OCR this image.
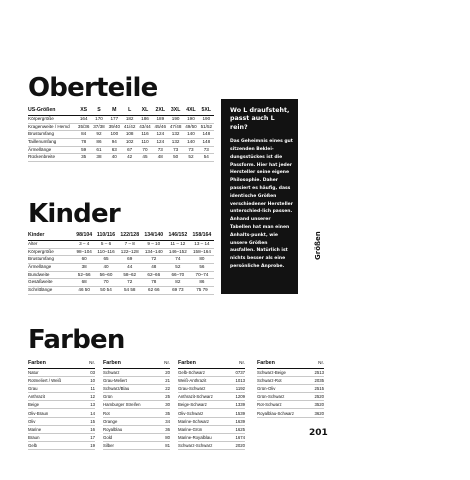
Oberteile
US-Größen	XS	S	M	L	XL	2XL	3XL	4XL	5XL
Körpergröße	164	170	177	182	186	189	190	190	190
Kragenweite / Hemd	35/36	37/38	39/40	41/42	43/44	45/46	47/48	49/50	51/52
Brustumfang	84	92	100	108	116	124	132	140	148
Taillenumfang	78	86	94	102	110	124	132	140	148
Ärmellänge	59	61	63	67	70	73	73	73	73
Rückenbreite	35	38	40	42	45	48	50	52	54
Kinder
Kinder	98/104	110/116	122/128	134/140	146/152	158/164
Alter	3 – 4	5 – 6	7 – 8	9 – 10	11 – 12	13 – 14
Körpergröße	98–104	110–116	122–128	134–140	146–152	158–164
Brustumfang	60	65	69	72	74	80
Ärmellänge	38	40	44	48	52	56
Bundweite	52–56	56–60	58–62	62–66	66–70	70–74
Gesäßweite	68	70	72	78	82	86
Schrittlänge	46 50	50 54	54 58	62 66	69 73	75 79

Wo L draufsteht, passt auch L rein?

Das Geheimnis eines gut sitzenden Beklei-dungsstückes ist die Passform. Hier hat jeder Hersteller seine eigene Philosophie. Daher passiert es häufig, dass identische Größen verschiedener Hersteller unterschied-lich passen. Anhand unserer Tabellen hat man einen Anhalts-punkt, wie unsere Größen ausfallen. Natürlich ist nichts besser als eine persönliche Anprobe.

Größen
Farben
Farben	Nr.
Natur	03
Rotmeliert / Weiß	10
Grau	11
Anthrazit	12
Beige	13
Oliv-Braun	14
Oliv	15
Marine	16
Braun	17
Gelb	19
Farben	Nr.
Schwarz	20
Grau-Meliert	21
Schwarz/Blau	22
Grün	25
Hamburger Streifen	30
Rot	35
Orange	34
Royalblau	36
Gold	80
Silber	81
Farben	Nr.
Gelb-Schwarz	0737
Weiß-Anthrazit	1013
Grau-Schwarz	1192
Anthrazit-Schwarz	1209
Beige-Schwarz	1339
Oliv-Schwarz	1539
Marine-Schwarz	1639
Marine-Grün	1625
Marine-Royalblau	1674
Schwarz-Schwarz	2020
Farben	Nr.
Schwarz-Beige	2513
Schwarz-Rot	2035
Grün-Oliv	2515
Grün-Schwarz	2520
Rot-Schwarz	3520
Royalblau-Schwarz	3620
201
